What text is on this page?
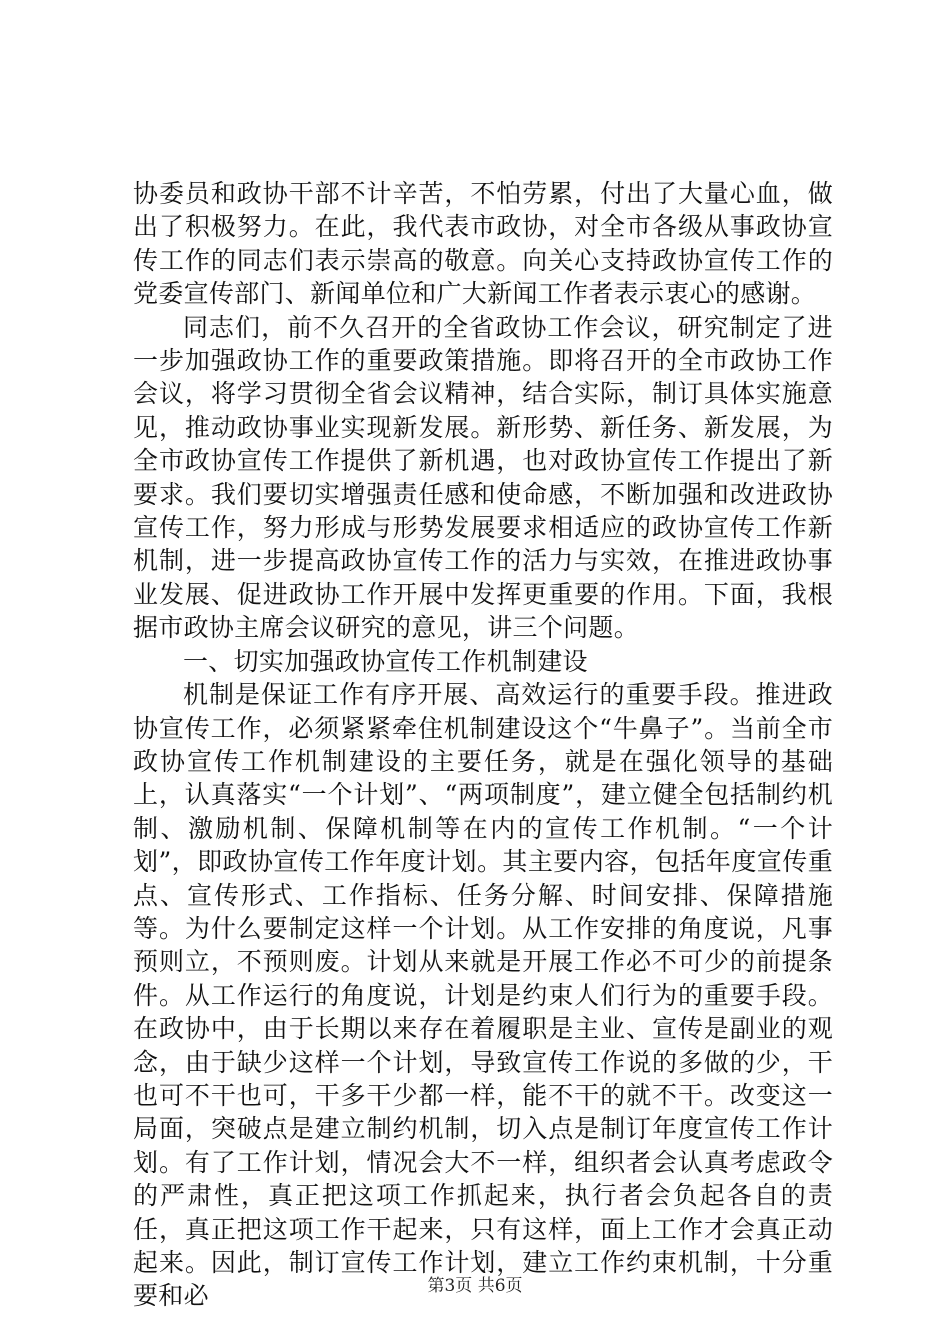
协委员和政协干部不计辛苦，不怕劳累，付出了大量心血，做出了积极努力。在此，我代表市政协，对全市各级从事政协宣传工作的同志们表示崇高的敬意。向关心支持政协宣传工作的党委宣传部门、新闻单位和广大新闻工作者表示衷心的感谢。

同志们，前不久召开的全省政协工作会议，研究制定了进一步加强政协工作的重要政策措施。即将召开的全市政协工作会议，将学习贯彻全省会议精神，结合实际，制订具体实施意见，推动政协事业实现新发展。新形势、新任务、新发展，为全市政协宣传工作提供了新机遇，也对政协宣传工作提出了新要求。我们要切实增强责任感和使命感，不断加强和改进政协宣传工作，努力形成与形势发展要求相适应的政协宣传工作新机制，进一步提高政协宣传工作的活力与实效，在推进政协事业发展、促进政协工作开展中发挥更重要的作用。下面，我根据市政协主席会议研究的意见，讲三个问题。

一、切实加强政协宣传工作机制建设

机制是保证工作有序开展、高效运行的重要手段。推进政协宣传工作，必须紧紧牵住机制建设这个“牛鼻子”。当前全市政协宣传工作机制建设的主要任务，就是在强化领导的基础上，认真落实“一个计划”、“两项制度”，建立健全包括制约机制、激励机制、保障机制等在内的宣传工作机制。“一个计划”，即政协宣传工作年度计划。其主要内容，包括年度宣传重点、宣传形式、工作指标、任务分解、时间安排、保障措施等。为什么要制定这样一个计划。从工作安排的角度说，凡事预则立，不预则废。计划从来就是开展工作必不可少的前提条件。从工作运行的角度说，计划是约束人们行为的重要手段。在政协中，由于长期以来存在着履职是主业、宣传是副业的观念，由于缺少这样一个计划，导致宣传工作说的多做的少，干也可不干也可，干多干少都一样，能不干的就不干。改变这一局面，突破点是建立制约机制，切入点是制订年度宣传工作计划。有了工作计划，情况会大不一样，组织者会认真考虑政令的严肃性，真正把这项工作抓起来，执行者会负起各自的责任，真正把这项工作干起来，只有这样，面上工作才会真正动起来。因此，制订宣传工作计划，建立工作约束机制，十分重要和必	第3页 共6页
